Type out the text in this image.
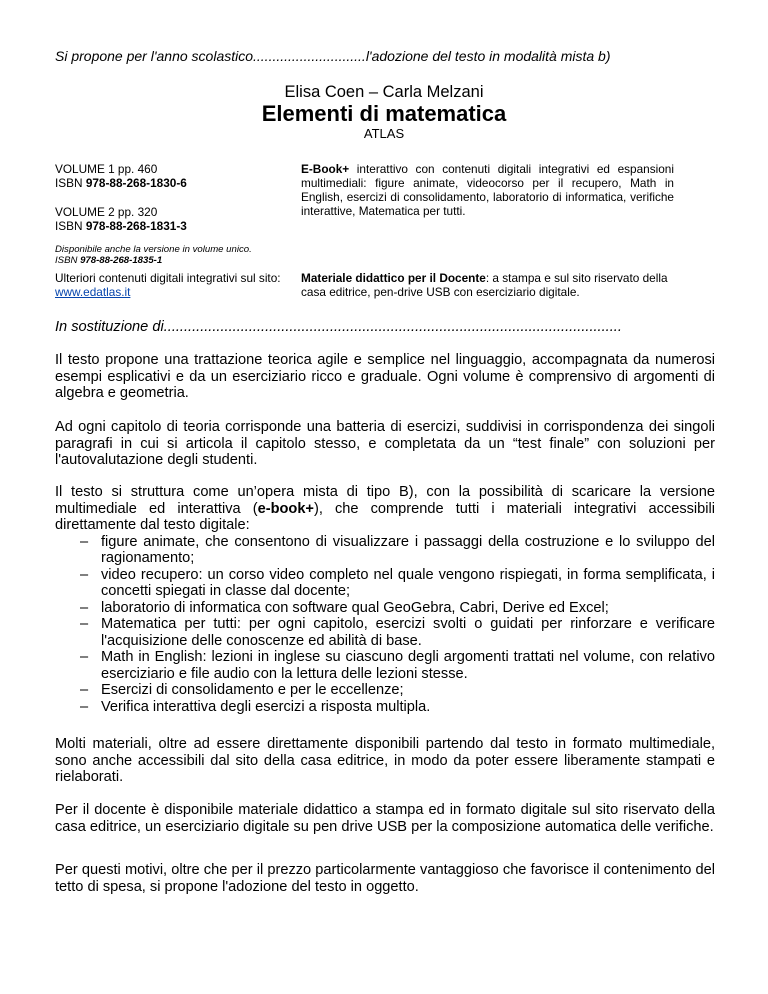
Si propone per l'anno scolastico.............................l'adozione del testo in modalità mista b)
Elisa Coen – Carla Melzani
Elementi di matematica
ATLAS
VOLUME 1 pp. 460
ISBN 978-88-268-1830-6
VOLUME 2 pp. 320
ISBN 978-88-268-1831-3
E-Book+ interattivo con contenuti digitali integrativi ed espansioni multimediali: figure animate, videocorso per il recupero, Math in English, esercizi di consolidamento, laboratorio di informatica, verifiche interattive, Matematica per tutti.
Disponibile anche la versione in volume unico.
ISBN 978-88-268-1835-1
Ulteriori contenuti digitali integrativi sul sito: www.edatlas.it
Materiale didattico per il Docente: a stampa e sul sito riservato della casa editrice, pen-drive USB con eserciziario digitale.
In sostituzione di.................................................................................................................
Il testo propone una trattazione teorica agile e semplice nel linguaggio, accompagnata da numerosi esempi esplicativi e da un eserciziario ricco e graduale. Ogni volume è comprensivo di argomenti di algebra e geometria.
Ad ogni capitolo di teoria corrisponde una batteria di esercizi, suddivisi in corrispondenza dei singoli paragrafi in cui si articola il capitolo stesso, e completata da un “test finale” con soluzioni per l'autovalutazione degli studenti.
Il testo si struttura come un’opera mista di tipo B), con la possibilità di scaricare la versione multimediale ed interattiva (e-book+), che comprende tutti i materiali integrativi accessibili direttamente dal testo digitale:
– figure animate, che consentono di visualizzare i passaggi della costruzione e lo sviluppo del ragionamento;
– video recupero: un corso video completo nel quale vengono rispiegati, in forma semplificata, i concetti spiegati in classe dal docente;
– laboratorio di informatica con software qual GeoGebra, Cabri, Derive ed Excel;
– Matematica per tutti: per ogni capitolo, esercizi svolti o guidati per rinforzare e verificare l'acquisizione delle conoscenze ed abilità di base.
– Math in English: lezioni in inglese su ciascuno degli argomenti trattati nel volume, con relativo eserciziario e file audio con la lettura delle lezioni stesse.
– Esercizi di consolidamento e per le eccellenze;
– Verifica interattiva degli esercizi a risposta multipla.
Molti materiali, oltre ad essere direttamente disponibili partendo dal testo in formato multimediale, sono anche accessibili dal sito della casa editrice, in modo da poter essere liberamente stampati e rielaborati.
Per il docente è disponibile materiale didattico a stampa ed in formato digitale sul sito riservato della casa editrice, un eserciziario digitale su pen drive USB per la composizione automatica delle verifiche.
Per questi motivi, oltre che per il prezzo particolarmente vantaggioso che favorisce il contenimento del tetto di spesa, si propone l'adozione del testo in oggetto.
